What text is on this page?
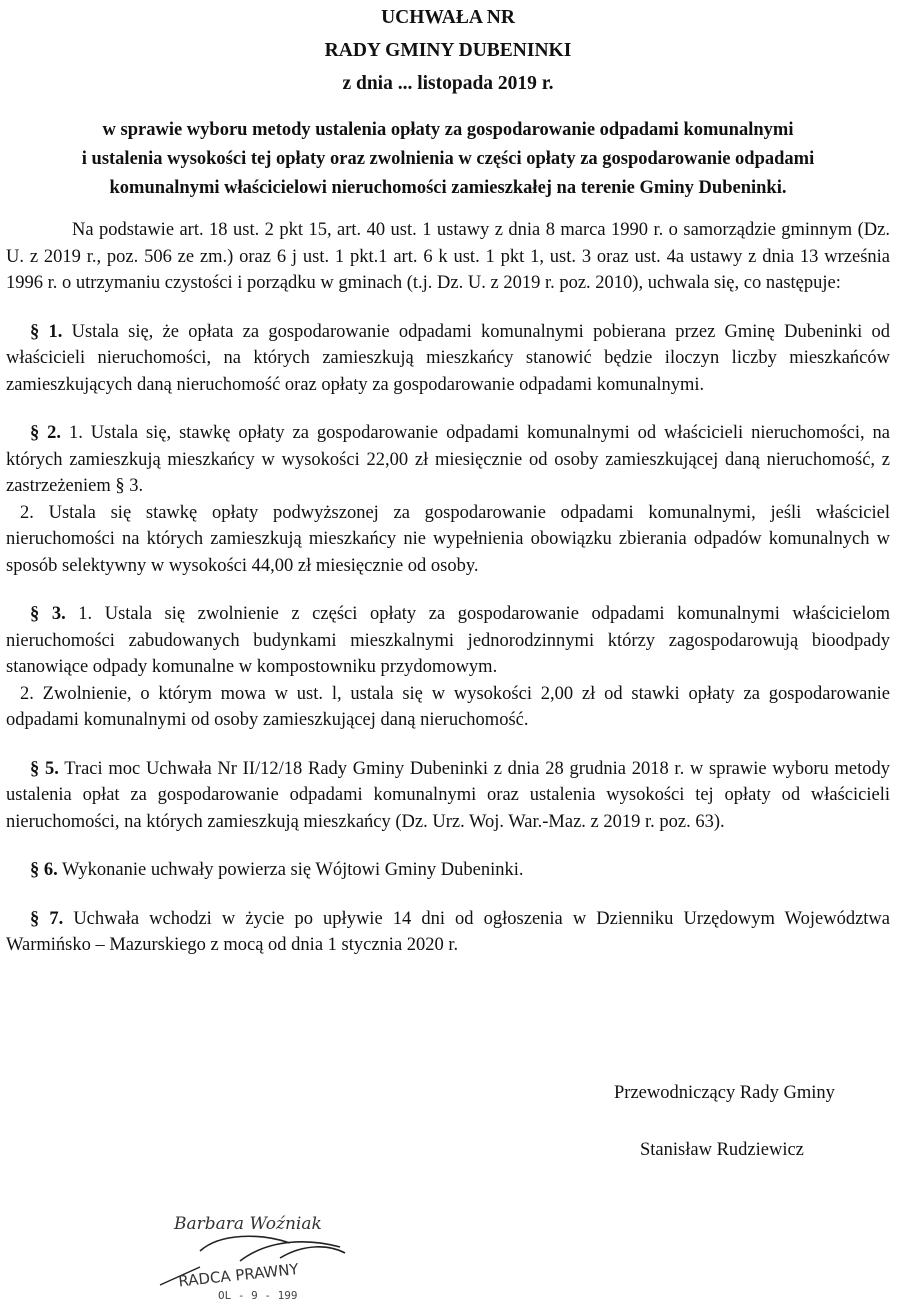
UCHWAŁA NR
RADY GMINY DUBENINKI
z dnia ... listopada 2019 r.
w sprawie wyboru metody ustalenia opłaty za gospodarowanie odpadami komunalnymi
i ustalenia wysokości tej opłaty oraz zwolnienia w części opłaty za gospodarowanie odpadami
komunalnymi właścicielowi nieruchomości zamieszkałej na terenie Gminy Dubeninki.

Na podstawie art. 18 ust. 2 pkt 15, art. 40 ust. 1 ustawy z dnia 8 marca 1990 r. o samorządzie gminnym (Dz. U. z 2019 r., poz. 506 ze zm.) oraz 6 j ust. 1 pkt.1 art. 6 k ust. 1 pkt 1, ust. 3 oraz ust. 4a ustawy z dnia 13 września 1996 r. o utrzymaniu czystości i porządku w gminach (t.j. Dz. U. z 2019 r. poz. 2010), uchwala się, co następuje:

§ 1. Ustala się, że opłata za gospodarowanie odpadami komunalnymi pobierana przez Gminę Dubeninki od właścicieli nieruchomości, na których zamieszkują mieszkańcy stanowić będzie iloczyn liczby mieszkańców zamieszkujących daną nieruchomość oraz opłaty za gospodarowanie odpadami komunalnymi.

§ 2. 1. Ustala się, stawkę opłaty za gospodarowanie odpadami komunalnymi od właścicieli nieruchomości, na których zamieszkują mieszkańcy w wysokości 22,00 zł miesięcznie od osoby zamieszkującej daną nieruchomość, z zastrzeżeniem § 3.

2. Ustala się stawkę opłaty podwyższonej za gospodarowanie odpadami komunalnymi, jeśli właściciel nieruchomości na których zamieszkują mieszkańcy nie wypełnienia obowiązku zbierania odpadów komunalnych w sposób selektywny w wysokości 44,00 zł miesięcznie od osoby.

§ 3. 1. Ustala się zwolnienie z części opłaty za gospodarowanie odpadami komunalnymi właścicielom nieruchomości zabudowanych budynkami mieszkalnymi jednorodzinnymi którzy zagospodarowują bioodpady stanowiące odpady komunalne w kompostowniku przydomowym.

2. Zwolnienie, o którym mowa w ust. l, ustala się w wysokości 2,00 zł od stawki opłaty za gospodarowanie odpadami komunalnymi od osoby zamieszkującej daną nieruchomość.

§ 5. Traci moc Uchwała Nr II/12/18 Rady Gminy Dubeninki z dnia 28 grudnia 2018 r. w sprawie wyboru metody ustalenia opłat za gospodarowanie odpadami komunalnymi oraz ustalenia wysokości tej opłaty od właścicieli nieruchomości, na których zamieszkują mieszkańcy (Dz. Urz. Woj. War.-Maz. z 2019 r. poz. 63).

§ 6. Wykonanie uchwały powierza się Wójtowi Gminy Dubeninki.

§ 7. Uchwała wchodzi w życie po upływie 14 dni od ogłoszenia w Dzienniku Urzędowym Województwa Warmińsko – Mazurskiego z mocą od dnia 1 stycznia 2020 r.

Przewodniczący Rady Gminy
Stanisław Rudziewicz
Barbara Woźniak
RADCA PRAWNY
OL - 9 - 199
